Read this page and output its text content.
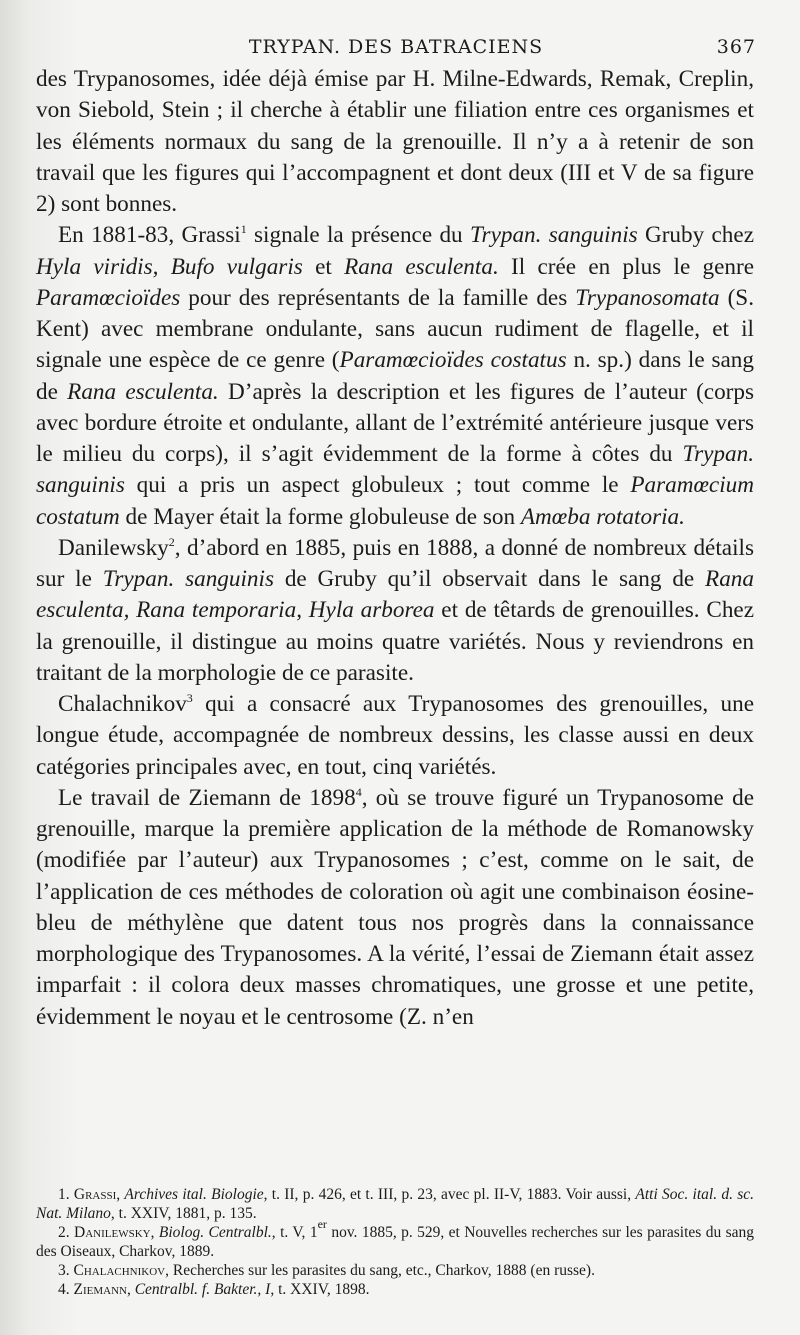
TRYPAN. DES BATRACIENS	367

des Trypanosomes, idée déjà émise par H. Milne-Edwards, Remak, Creplin, von Siebold, Stein ; il cherche à établir une filiation entre ces organismes et les éléments normaux du sang de la grenouille. Il n’y a à retenir de son travail que les figures qui l’accompagnent et dont deux (III et V de sa figure 2) sont bonnes.

En 1881-83, Grassi$^1$ signale la présence du Trypan. sanguinis Gruby chez Hyla viridis, Bufo vulgaris et Rana esculenta. Il crée en plus le genre Paramœcioïdes pour des représentants de la famille des Trypanosomata (S. Kent) avec membrane ondulante, sans aucun rudiment de flagelle, et il signale une espèce de ce genre (Paramœcioïdes costatus n. sp.) dans le sang de Rana esculenta. D’après la description et les figures de l’auteur (corps avec bordure étroite et ondulante, allant de l’extrémité antérieure jusque vers le milieu du corps), il s’agit évidemment de la forme à côtes du Trypan. sanguinis qui a pris un aspect globuleux ; tout comme le Paramœcium costatum de Mayer était la forme globuleuse de son Amœba rotatoria.

Danilewsky$^2$, d’abord en 1885, puis en 1888, a donné de nombreux détails sur le Trypan. sanguinis de Gruby qu’il observait dans le sang de Rana esculenta, Rana temporaria, Hyla arborea et de têtards de grenouilles. Chez la grenouille, il distingue au moins quatre variétés. Nous y reviendrons en traitant de la morphologie de ce parasite.

Chalachnikov$^3$ qui a consacré aux Trypanosomes des grenouilles, une longue étude, accompagnée de nombreux dessins, les classe aussi en deux catégories principales avec, en tout, cinq variétés.

Le travail de Ziemann de 1898$^4$, où se trouve figuré un Trypanosome de grenouille, marque la première application de la méthode de Romanowsky (modifiée par l’auteur) aux Trypanosomes ; c’est, comme on le sait, de l’application de ces méthodes de coloration où agit une combinaison éosine-bleu de méthylène que datent tous nos progrès dans la connaissance morphologique des Trypanosomes. A la vérité, l’essai de Ziemann était assez imparfait : il colora deux masses chromatiques, une grosse et une petite, évidemment le noyau et le centrosome (Z. n’en

1. Grassi, Archives ital. Biologie, t. II, p. 426, et t. III, p. 23, avec pl. II-V, 1883. Voir aussi, Atti Soc. ital. d. sc. Nat. Milano, t. XXIV, 1881, p. 135.

2. Danilewsky, Biolog. Centralbl., t. V, 1er nov. 1885, p. 529, et Nouvelles recherches sur les parasites du sang des Oiseaux, Charkov, 1889.

3. Chalachnikov, Recherches sur les parasites du sang, etc., Charkov, 1888 (en russe).

4. Ziemann, Centralbl. f. Bakter., I, t. XXIV, 1898.
